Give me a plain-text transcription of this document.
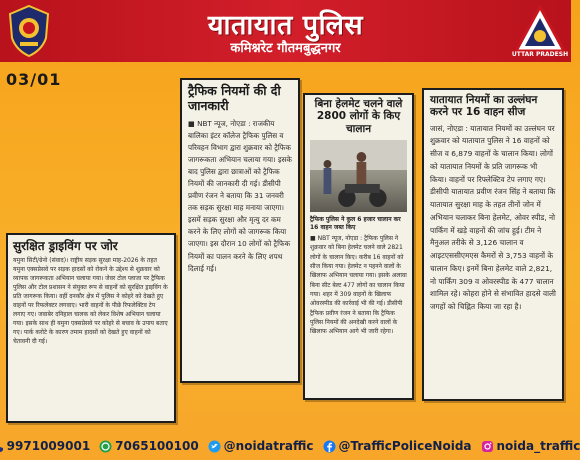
यातायात पुलिस
कमिश्नरेट गौतमबुद्धनगर	UTTAR PRADESH
03/01
सुरक्षित ड्राइविंग पर जोर
यमुना सिटी/ग्रेनो (संवाद)। राष्ट्रीय सड़क सुरक्षा माह-2026 के तहत यमुना एक्सप्रेसवे पर सड़क हादसों को रोकने के उद्देश्य से शुक्रवार को व्यापक जागरूकता अभियान चलाया गया। जेवर टोल प्लाजा पर ट्रैफिक पुलिस और टोल प्रशासन ने संयुक्त रूप से वाहनों को सुरक्षित ड्राइविंग के प्रति जागरूक किया। वहीं दनकौर क्षेत्र में पुलिस ने कोहरे को देखते हुए वाहनों पर रिफलेक्टर लगवाए। भारी वाहनों के पीछे रिफलेक्टिव टेप लगाए गए। जवाबेर दनिहाल चालक को लेकर विशेष अभियान चलाया गया। इसके साथ ही यमुना एक्सप्रेसवे पर कोहरे से बचाव के उपाय बताए गए। पार्क करोटे के कारण तमाम हादसों को देखते हुए वाहनों को चेतावनी दी गई।
ट्रैफिक नियमों की दी जानकारी
■ NBT न्यूज, नोएडा : राजकीय बालिका इंटर कॉलेज ट्रैफिक पुलिस व परिवहन विभाग द्वारा शुक्रवार को ट्रैफिक जागरूकता अभियान चलाया गया। इसके बाद पुलिस द्वारा छात्राओं को ट्रैफिक नियमों की जानकारी दी गई। डीसीपी प्रवीण रंजन ने बताया कि 31 जनवरी तक सड़क सुरक्षा माह मनाया जाएगा। इसमें सड़क सुरक्षा और मृत्यु दर कम करने के लिए लोगों को जागरूक किया जाएगा। इस दौरान 10 लोगों को ट्रैफिक नियमों का पालन करने के लिए शपथ दिलाई गई।
बिना हेलमेट चलने वाले 2800 लोगों के किए चालान
ट्रैफिक पुलिस ने कुल 6 हजार चालान कर 16 वाहन जब्त किए
■ NBT न्यूज, नोएडा : ट्रैफिक पुलिस ने शुक्रवार को बिना हेलमेट चलने वाले 2821 लोगों के चालान किए। करीब 16 वाहनों को सीज किया गया। हेलमेट न पहनने वालों के खिलाफ अभियान चलाया गया। इसके अलावा बिना सीट बेल्ट 477 लोगों का चालान किया गया। शहर में 309 वाहनों के खिलाफ ओवरस्पीड की कार्रवाई भी की गई। डीसीपी ट्रैफिक प्रवीण रंजन ने बताया कि ट्रैफिक पुलिस नियमों की अनदेखी करने वालों के खिलाफ अभियान आगे भी जारी रहेगा।
यातायात नियमों का उल्लंघन करने पर 16 वाहन सीज
जासं, नोएडा : यातायात नियमों का उल्लंघन पर शुक्रवार को यातायात पुलिस ने 16 वाहनों को सीज व 6,879 वाहनों के चालान किया। लोगों को यातायात नियमों के प्रति जागरूक भी किया। वाहनों पर रिफ्लेक्टिव टेप लगाए गए। डीसीपी यातायात प्रवीण रंजन सिंह ने बताया कि यातायात सुरक्षा माह के तहत तीनों जोन में अभियान चलाकर बिना हेलमेट, ओवर स्पीड, नो पार्किंग में खड़े वाहनों की जांच हुई। टीम ने मैनुअल तरीके से 3,126 चालान व आइटएससीएमएस कैमरों से 3,753 वाहनों के चालान किए। इनमें बिना हेलमेट वाले 2,821, नो पार्किंग 309 व ओवरस्पीड के 477 चालान शामिल रहे। कोहरा होने से संभावित हादसे वाली जगहों को चिह्नित किया जा रहा है।
9971009001 7065100100 @noidatraffic @TrafficPoliceNoida noida_traffic
